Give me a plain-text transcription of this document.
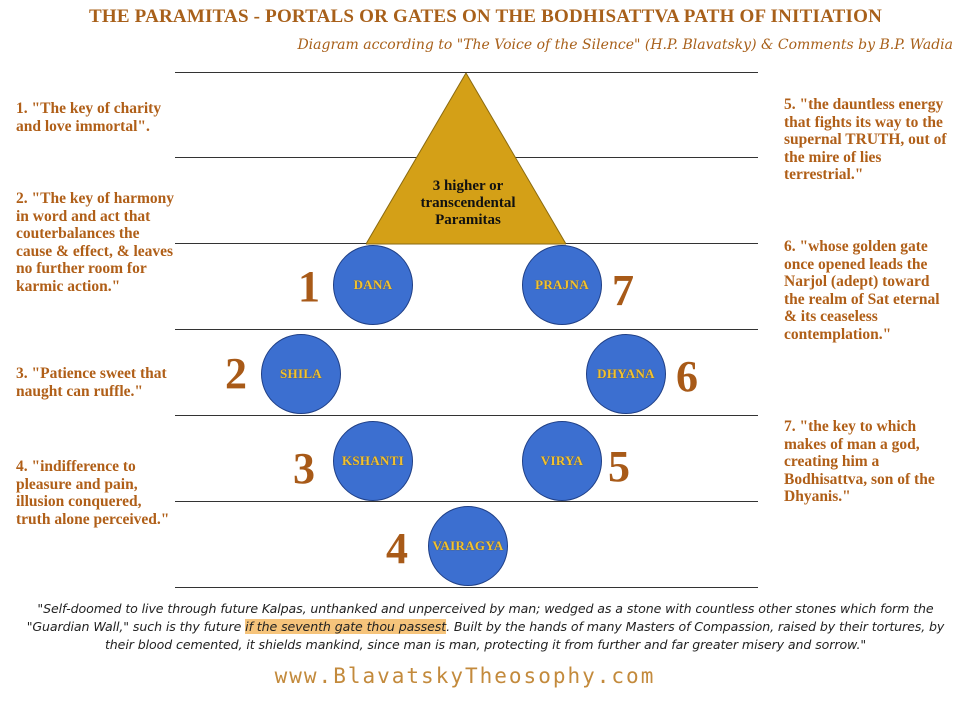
THE PARAMITAS - PORTALS OR GATES ON THE BODHISATTVA PATH OF INITIATION
Diagram according to "The Voice of the Silence" (H.P. Blavatsky) & Comments by B.P. Wadia
3 higher or
transcendental
Paramitas
DANA	PRAJNA
SHILA	DHYANA
KSHANTI	VIRYA
VAIRAGYA
1	7
2	6
3	5
4
1. "The key of charity and love immortal".
2. "The key of harmony in word and act that couterbalances the cause & effect, & leaves no further room for karmic action."
3. "Patience sweet that naught can ruffle."
4. "indifference to pleasure and pain, illusion conquered, truth alone perceived."
5. "the dauntless energy that fights its way to the supernal TRUTH, out of the mire of lies terrestrial."
6. "whose golden gate once opened leads the Narjol (adept) toward the realm of Sat eternal & its ceaseless contemplation."
7. "the key to which makes of man a god, creating him a Bodhisattva, son of the Dhyanis."
"Self-doomed to live through future Kalpas, unthanked and unperceived by man; wedged as a stone with countless other stones which form the "Guardian Wall," such is thy future if the seventh gate thou passest. Built by the hands of many Masters of Compassion, raised by their tortures, by their blood cemented, it shields mankind, since man is man, protecting it from further and far greater misery and sorrow."
www.BlavatskyTheosophy.com
